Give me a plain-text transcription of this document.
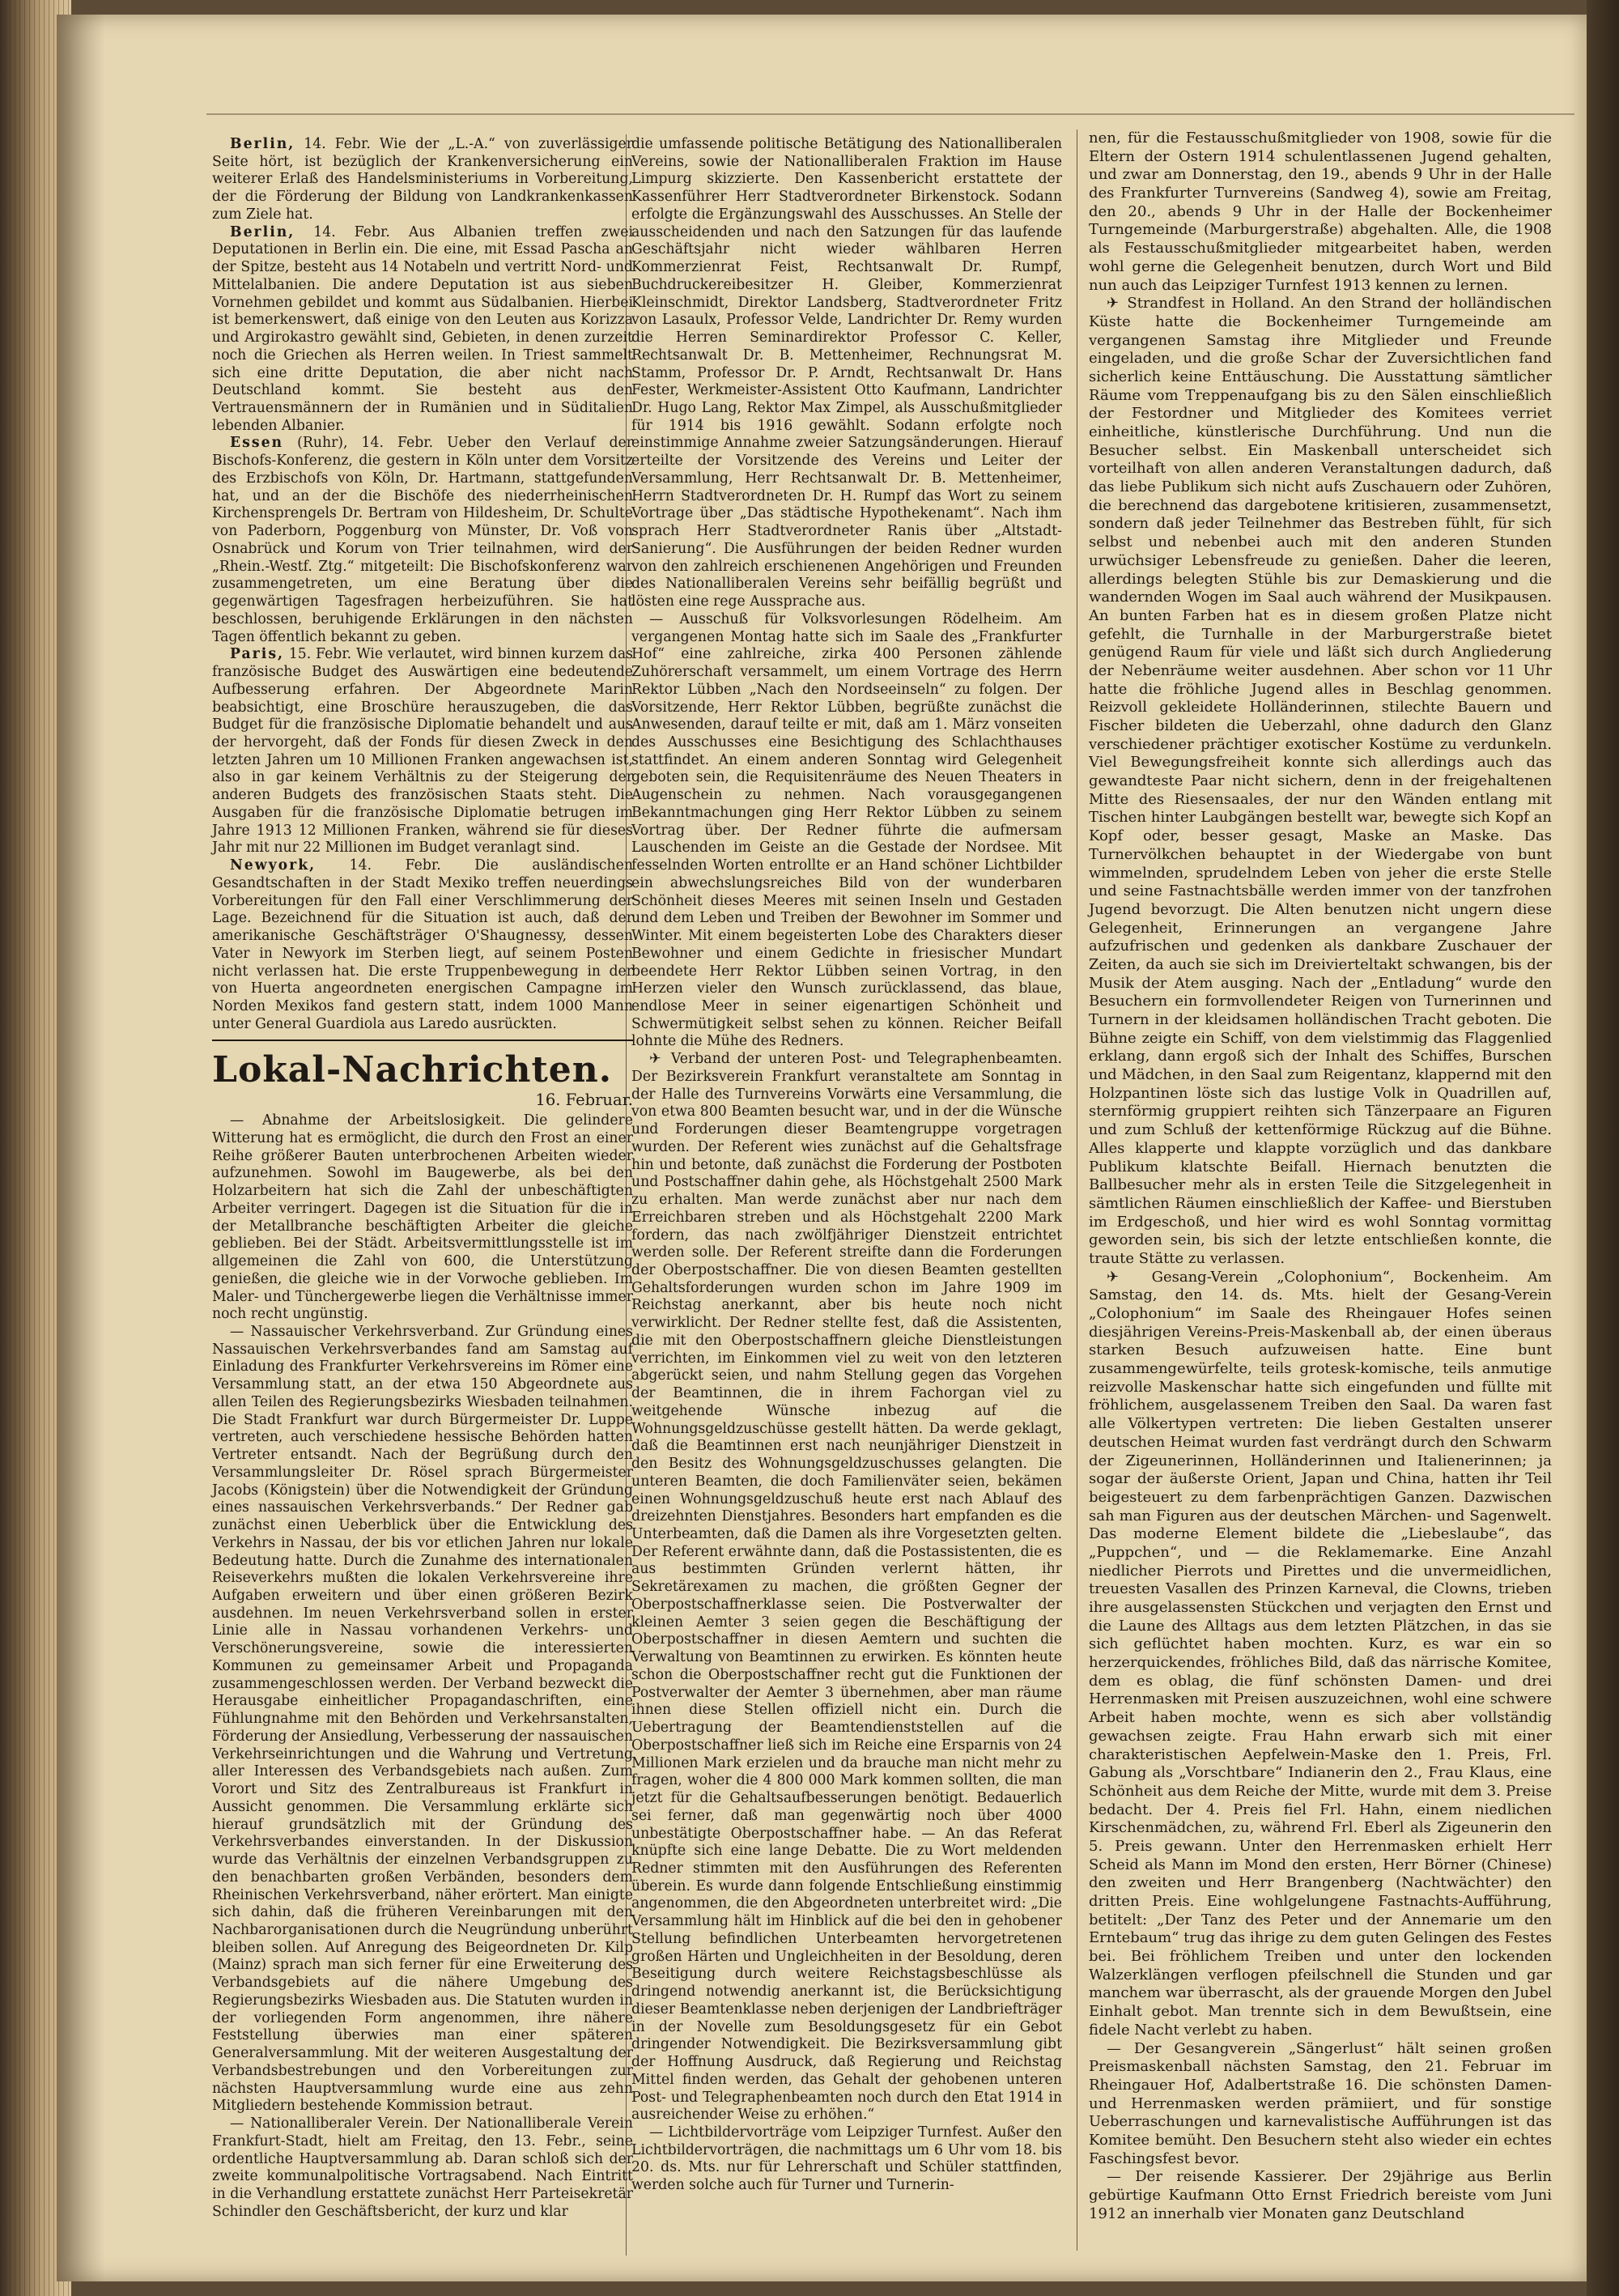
Berlin, 14. Febr. Wie der „L.-A.“ von zuverlässiger Seite hört, ist bezüglich der Krankenversicherung ein weiterer Erlaß des Handelsministeriums in Vorbereitung, der die Förderung der Bildung von Landkrankenkassen zum Ziele hat.

Berlin, 14. Febr. Aus Albanien treffen zwei Deputationen in Berlin ein. Die eine, mit Essad Pascha an der Spitze, besteht aus 14 Notabeln und vertritt Nord- und Mittelalbanien. Die andere Deputation ist aus sieben Vornehmen gebildet und kommt aus Südalbanien. Hierbei ist bemerkenswert, daß einige von den Leuten aus Korizza und Argirokastro gewählt sind, Gebieten, in denen zurzeit noch die Griechen als Herren weilen. In Triest sammelt sich eine dritte Deputation, die aber nicht nach Deutschland kommt. Sie besteht aus den Vertrauensmännern der in Rumänien und in Süditalien lebenden Albanier.

Essen (Ruhr), 14. Febr. Ueber den Verlauf der Bischofs-Konferenz, die gestern in Köln unter dem Vorsitz des Erzbischofs von Köln, Dr. Hartmann, stattgefunden hat, und an der die Bischöfe des niederrheinischen Kirchensprengels Dr. Bertram von Hildesheim, Dr. Schulte von Paderborn, Poggenburg von Münster, Dr. Voß von Osnabrück und Korum von Trier teilnahmen, wird der „Rhein.-Westf. Ztg.“ mitgeteilt: Die Bischofskonferenz war zusammengetreten, um eine Beratung über die gegenwärtigen Tagesfragen herbeizuführen. Sie hat beschlossen, beruhigende Erklärungen in den nächsten Tagen öffentlich bekannt zu geben.

Paris, 15. Febr. Wie verlautet, wird binnen kurzem das französische Budget des Auswärtigen eine bedeutende Aufbesserung erfahren. Der Abgeordnete Marin beabsichtigt, eine Broschüre herauszugeben, die das Budget für die französische Diplomatie behandelt und aus der hervorgeht, daß der Fonds für diesen Zweck in den letzten Jahren um 10 Millionen Franken angewachsen ist, also in gar keinem Verhältnis zu der Steigerung der anderen Budgets des französischen Staats steht. Die Ausgaben für die französische Diplomatie betrugen im Jahre 1913 12 Millionen Franken, während sie für dieses Jahr mit nur 22 Millionen im Budget veranlagt sind.

Newyork, 14. Febr. Die ausländischen Gesandtschaften in der Stadt Mexiko treffen neuerdings Vorbereitungen für den Fall einer Verschlimmerung der Lage. Bezeichnend für die Situation ist auch, daß der amerikanische Geschäftsträger O'Shaugnessy, dessen Vater in Newyork im Sterben liegt, auf seinem Posten nicht verlassen hat. Die erste Truppenbewegung in der von Huerta angeordneten energischen Campagne im Norden Mexikos fand gestern statt, indem 1000 Mann unter General Guardiola aus Laredo ausrückten.

Lokal-Nachrichten.
16. Februar.

— Abnahme der Arbeitslosigkeit. Die gelindere Witterung hat es ermöglicht, die durch den Frost an einer Reihe größerer Bauten unterbrochenen Arbeiten wieder aufzunehmen. Sowohl im Baugewerbe, als bei den Holzarbeitern hat sich die Zahl der unbeschäftigten Arbeiter verringert. Dagegen ist die Situation für die in der Metallbranche beschäftigten Arbeiter die gleiche geblieben. Bei der Städt. Arbeitsvermittlungsstelle ist im allgemeinen die Zahl von 600, die Unterstützung genießen, die gleiche wie in der Vorwoche geblieben. Im Maler- und Tünchergewerbe liegen die Verhältnisse immer noch recht ungünstig.

— Nassauischer Verkehrsverband. Zur Gründung eines Nassauischen Verkehrsverbandes fand am Samstag auf Einladung des Frankfurter Verkehrsvereins im Römer eine Versammlung statt, an der etwa 150 Abgeordnete aus allen Teilen des Regierungsbezirks Wiesbaden teilnahmen. Die Stadt Frankfurt war durch Bürgermeister Dr. Luppe vertreten, auch verschiedene hessische Behörden hatten Vertreter entsandt. Nach der Begrüßung durch den Versammlungsleiter Dr. Rösel sprach Bürgermeister Jacobs (Königstein) über die Notwendigkeit der Gründung eines nassauischen Verkehrsverbands.“ Der Redner gab zunächst einen Ueberblick über die Entwicklung des Verkehrs in Nassau, der bis vor etlichen Jahren nur lokale Bedeutung hatte. Durch die Zunahme des internationalen Reiseverkehrs mußten die lokalen Verkehrsvereine ihre Aufgaben erweitern und über einen größeren Bezirk ausdehnen. Im neuen Verkehrsverband sollen in erster Linie alle in Nassau vorhandenen Verkehrs- und Verschönerungsvereine, sowie die interessierten Kommunen zu gemeinsamer Arbeit und Propaganda zusammengeschlossen werden. Der Verband bezweckt die Herausgabe einheitlicher Propagandaschriften, eine Fühlungnahme mit den Behörden und Verkehrsanstalten, Förderung der Ansiedlung, Verbesserung der nassauischen Verkehrseinrichtungen und die Wahrung und Vertretung aller Interessen des Verbandsgebiets nach außen. Zum Vorort und Sitz des Zentralbureaus ist Frankfurt in Aussicht genommen. Die Versammlung erklärte sich hierauf grundsätzlich mit der Gründung des Verkehrsverbandes einverstanden. In der Diskussion wurde das Verhältnis der einzelnen Verbandsgruppen zu den benachbarten großen Verbänden, besonders dem Rheinischen Verkehrsverband, näher erörtert. Man einigte sich dahin, daß die früheren Vereinbarungen mit den Nachbarorganisationen durch die Neugründung unberührt bleiben sollen. Auf Anregung des Beigeordneten Dr. Kilp (Mainz) sprach man sich ferner für eine Erweiterung des Verbandsgebiets auf die nähere Umgebung des Regierungsbezirks Wiesbaden aus. Die Statuten wurden in der vorliegenden Form angenommen, ihre nähere Feststellung überwies man einer späteren Generalversammlung. Mit der weiteren Ausgestaltung der Verbandsbestrebungen und den Vorbereitungen zur nächsten Hauptversammlung wurde eine aus zehn Mitgliedern bestehende Kommission betraut.

— Nationalliberaler Verein. Der Nationalliberale Verein Frankfurt-Stadt, hielt am Freitag, den 13. Febr., seine ordentliche Hauptversammlung ab. Daran schloß sich der zweite kommunalpolitische Vortragsabend. Nach Eintritt in die Verhandlung erstattete zunächst Herr Parteisekretär Schindler den Geschäftsbericht, der kurz und klar

die umfassende politische Betätigung des Nationalliberalen Vereins, sowie der Nationalliberalen Fraktion im Hause Limpurg skizzierte. Den Kassenbericht erstattete der Kassenführer Herr Stadtverordneter Birkenstock. Sodann erfolgte die Ergänzungswahl des Ausschusses. An Stelle der ausscheidenden und nach den Satzungen für das laufende Geschäftsjahr nicht wieder wählbaren Herren Kommerzienrat Feist, Rechtsanwalt Dr. Rumpf, Buchdruckereibesitzer H. Gleiber, Kommerzienrat Kleinschmidt, Direktor Landsberg, Stadtverordneter Fritz von Lasaulx, Professor Velde, Landrichter Dr. Remy wurden die Herren Seminardirektor Professor C. Keller, Rechtsanwalt Dr. B. Mettenheimer, Rechnungsrat M. Stamm, Professor Dr. P. Arndt, Rechtsanwalt Dr. Hans Fester, Werkmeister-Assistent Otto Kaufmann, Landrichter Dr. Hugo Lang, Rektor Max Zimpel, als Ausschußmitglieder für 1914 bis 1916 gewählt. Sodann erfolgte noch einstimmige Annahme zweier Satzungsänderungen. Hierauf erteilte der Vorsitzende des Vereins und Leiter der Versammlung, Herr Rechtsanwalt Dr. B. Mettenheimer, Herrn Stadtverordneten Dr. H. Rumpf das Wort zu seinem Vortrage über „Das städtische Hypothekenamt“. Nach ihm sprach Herr Stadtverordneter Ranis über „Altstadt-Sanierung“. Die Ausführungen der beiden Redner wurden von den zahlreich erschienenen Angehörigen und Freunden des Nationalliberalen Vereins sehr beifällig begrüßt und lösten eine rege Aussprache aus.

— Ausschuß für Volksvorlesungen Rödelheim. Am vergangenen Montag hatte sich im Saale des „Frankfurter Hof“ eine zahlreiche, zirka 400 Personen zählende Zuhörerschaft versammelt, um einem Vortrage des Herrn Rektor Lübben „Nach den Nordseeinseln“ zu folgen. Der Vorsitzende, Herr Rektor Lübben, begrüßte zunächst die Anwesenden, darauf teilte er mit, daß am 1. März vonseiten des Ausschusses eine Besichtigung des Schlachthauses stattfindet. An einem anderen Sonntag wird Gelegenheit geboten sein, die Requisitenräume des Neuen Theaters in Augenschein zu nehmen. Nach vorausgegangenen Bekanntmachungen ging Herr Rektor Lübben zu seinem Vortrag über. Der Redner führte die aufmersam Lauschenden im Geiste an die Gestade der Nordsee. Mit fesselnden Worten entrollte er an Hand schöner Lichtbilder ein abwechslungsreiches Bild von der wunderbaren Schönheit dieses Meeres mit seinen Inseln und Gestaden und dem Leben und Treiben der Bewohner im Sommer und Winter. Mit einem begeisterten Lobe des Charakters dieser Bewohner und einem Gedichte in friesischer Mundart beendete Herr Rektor Lübben seinen Vortrag, in den Herzen vieler den Wunsch zurücklassend, das blaue, endlose Meer in seiner eigenartigen Schönheit und Schwermütigkeit selbst sehen zu können. Reicher Beifall lohnte die Mühe des Redners.

✈ Verband der unteren Post- und Telegraphenbeamten. Der Bezirksverein Frankfurt veranstaltete am Sonntag in der Halle des Turnvereins Vorwärts eine Versammlung, die von etwa 800 Beamten besucht war, und in der die Wünsche und Forderungen dieser Beamtengruppe vorgetragen wurden. Der Referent wies zunächst auf die Gehaltsfrage hin und betonte, daß zunächst die Forderung der Postboten und Postschaffner dahin gehe, als Höchstgehalt 2500 Mark zu erhalten. Man werde zunächst aber nur nach dem Erreichbaren streben und als Höchstgehalt 2200 Mark fordern, das nach zwölfjähriger Dienstzeit entrichtet werden solle. Der Referent streifte dann die Forderungen der Oberpostschaffner. Die von diesen Beamten gestellten Gehaltsforderungen wurden schon im Jahre 1909 im Reichstag anerkannt, aber bis heute noch nicht verwirklicht. Der Redner stellte fest, daß die Assistenten, die mit den Oberpostschaffnern gleiche Dienstleistungen verrichten, im Einkommen viel zu weit von den letzteren abgerückt seien, und nahm Stellung gegen das Vorgehen der Beamtinnen, die in ihrem Fachorgan viel zu weitgehende Wünsche inbezug auf die Wohnungsgeldzuschüsse gestellt hätten. Da werde geklagt, daß die Beamtinnen erst nach neunjähriger Dienstzeit in den Besitz des Wohnungsgeldzuschusses gelangten. Die unteren Beamten, die doch Familienväter seien, bekämen einen Wohnungsgeldzuschuß heute erst nach Ablauf des dreizehnten Dienstjahres. Besonders hart empfanden es die Unterbeamten, daß die Damen als ihre Vorgesetzten gelten. Der Referent erwähnte dann, daß die Postassistenten, die es aus bestimmten Gründen verlernt hätten, ihr Sekretärexamen zu machen, die größten Gegner der Oberpostschaffnerklasse seien. Die Postverwalter der kleinen Aemter 3 seien gegen die Beschäftigung der Oberpostschaffner in diesen Aemtern und suchten die Verwaltung von Beamtinnen zu erwirken. Es könnten heute schon die Oberpostschaffner recht gut die Funktionen der Postverwalter der Aemter 3 übernehmen, aber man räume ihnen diese Stellen offiziell nicht ein. Durch die Uebertragung der Beamtendienststellen auf die Oberpostschaffner ließ sich im Reiche eine Ersparnis von 24 Millionen Mark erzielen und da brauche man nicht mehr zu fragen, woher die 4 800 000 Mark kommen sollten, die man jetzt für die Gehaltsaufbesserungen benötigt. Bedauerlich sei ferner, daß man gegenwärtig noch über 4000 unbestätigte Oberpostschaffner habe. — An das Referat knüpfte sich eine lange Debatte. Die zu Wort meldenden Redner stimmten mit den Ausführungen des Referenten überein. Es wurde dann folgende Entschließung einstimmig angenommen, die den Abgeordneten unterbreitet wird: „Die Versammlung hält im Hinblick auf die bei den in gehobener Stellung befindlichen Unterbeamten hervorgetretenen großen Härten und Ungleichheiten in der Besoldung, deren Beseitigung durch weitere Reichstagsbeschlüsse als dringend notwendig anerkannt ist, die Berücksichtigung dieser Beamtenklasse neben derjenigen der Landbriefträger in der Novelle zum Besoldungsgesetz für ein Gebot dringender Notwendigkeit. Die Bezirksversammlung gibt der Hoffnung Ausdruck, daß Regierung und Reichstag Mittel finden werden, das Gehalt der gehobenen unteren Post- und Telegraphenbeamten noch durch den Etat 1914 in ausreichender Weise zu erhöhen.“

— Lichtbildervorträge vom Leipziger Turnfest. Außer den Lichtbildervorträgen, die nachmittags um 6 Uhr vom 18. bis 20. ds. Mts. nur für Lehrerschaft und Schüler stattfinden, werden solche auch für Turner und Turnerin-

nen, für die Festausschußmitglieder von 1908, sowie für die Eltern der Ostern 1914 schulentlassenen Jugend gehalten, und zwar am Donnerstag, den 19., abends 9 Uhr in der Halle des Frankfurter Turnvereins (Sandweg 4), sowie am Freitag, den 20., abends 9 Uhr in der Halle der Bockenheimer Turngemeinde (Marburgerstraße) abgehalten. Alle, die 1908 als Festausschußmitglieder mitgearbeitet haben, werden wohl gerne die Gelegenheit benutzen, durch Wort und Bild nun auch das Leipziger Turnfest 1913 kennen zu lernen.

✈ Strandfest in Holland. An den Strand der holländischen Küste hatte die Bockenheimer Turngemeinde am vergangenen Samstag ihre Mitglieder und Freunde eingeladen, und die große Schar der Zuversichtlichen fand sicherlich keine Enttäuschung. Die Ausstattung sämtlicher Räume vom Treppenaufgang bis zu den Sälen einschließlich der Festordner und Mitglieder des Komitees verriet einheitliche, künstlerische Durchführung. Und nun die Besucher selbst. Ein Maskenball unterscheidet sich vorteilhaft von allen anderen Veranstaltungen dadurch, daß das liebe Publikum sich nicht aufs Zuschauern oder Zuhören, die berechnend das dargebotene kritisieren, zusammensetzt, sondern daß jeder Teilnehmer das Bestreben fühlt, für sich selbst und nebenbei auch mit den anderen Stunden urwüchsiger Lebensfreude zu genießen. Daher die leeren, allerdings belegten Stühle bis zur Demaskierung und die wandernden Wogen im Saal auch während der Musikpausen. An bunten Farben hat es in diesem großen Platze nicht gefehlt, die Turnhalle in der Marburgerstraße bietet genügend Raum für viele und läßt sich durch Angliederung der Nebenräume weiter ausdehnen. Aber schon vor 11 Uhr hatte die fröhliche Jugend alles in Beschlag genommen. Reizvoll gekleidete Holländerinnen, stilechte Bauern und Fischer bildeten die Ueberzahl, ohne dadurch den Glanz verschiedener prächtiger exotischer Kostüme zu verdunkeln. Viel Bewegungsfreiheit konnte sich allerdings auch das gewandteste Paar nicht sichern, denn in der freigehaltenen Mitte des Riesensaales, der nur den Wänden entlang mit Tischen hinter Laubgängen bestellt war, bewegte sich Kopf an Kopf oder, besser gesagt, Maske an Maske. Das Turnervölkchen behauptet in der Wiedergabe von bunt wimmelnden, sprudelndem Leben von jeher die erste Stelle und seine Fastnachtsbälle werden immer von der tanzfrohen Jugend bevorzugt. Die Alten benutzen nicht ungern diese Gelegenheit, Erinnerungen an vergangene Jahre aufzufrischen und gedenken als dankbare Zuschauer der Zeiten, da auch sie sich im Dreivierteltakt schwangen, bis der Musik der Atem ausging. Nach der „Entladung“ wurde den Besuchern ein formvollendeter Reigen von Turnerinnen und Turnern in der kleidsamen holländischen Tracht geboten. Die Bühne zeigte ein Schiff, von dem vielstimmig das Flaggenlied erklang, dann ergoß sich der Inhalt des Schiffes, Burschen und Mädchen, in den Saal zum Reigentanz, klappernd mit den Holzpantinen löste sich das lustige Volk in Quadrillen auf, sternförmig gruppiert reihten sich Tänzerpaare an Figuren und zum Schluß der kettenförmige Rückzug auf die Bühne. Alles klapperte und klappte vorzüglich und das dankbare Publikum klatschte Beifall. Hiernach benutzten die Ballbesucher mehr als in ersten Teile die Sitzgelegenheit in sämtlichen Räumen einschließlich der Kaffee- und Bierstuben im Erdgeschoß, und hier wird es wohl Sonntag vormittag geworden sein, bis sich der letzte entschließen konnte, die traute Stätte zu verlassen.

✈ Gesang-Verein „Colophonium“, Bockenheim. Am Samstag, den 14. ds. Mts. hielt der Gesang-Verein „Colophonium“ im Saale des Rheingauer Hofes seinen diesjährigen Vereins-Preis-Maskenball ab, der einen überaus starken Besuch aufzuweisen hatte. Eine bunt zusammengewürfelte, teils grotesk-komische, teils anmutige reizvolle Maskenschar hatte sich eingefunden und füllte mit fröhlichem, ausgelassenem Treiben den Saal. Da waren fast alle Völkertypen vertreten: Die lieben Gestalten unserer deutschen Heimat wurden fast verdrängt durch den Schwarm der Zigeunerinnen, Holländerinnen und Italienerinnen; ja sogar der äußerste Orient, Japan und China, hatten ihr Teil beigesteuert zu dem farbenprächtigen Ganzen. Dazwischen sah man Figuren aus der deutschen Märchen- und Sagenwelt. Das moderne Element bildete die „Liebeslaube“, das „Puppchen“, und — die Reklamemarke. Eine Anzahl niedlicher Pierrots und Pirettes und die unvermeidlichen, treuesten Vasallen des Prinzen Karneval, die Clowns, trieben ihre ausgelassensten Stückchen und verjagten den Ernst und die Laune des Alltags aus dem letzten Plätzchen, in das sie sich geflüchtet haben mochten. Kurz, es war ein so herzerquickendes, fröhliches Bild, daß das närrische Komitee, dem es oblag, die fünf schönsten Damen- und drei Herrenmasken mit Preisen auszuzeichnen, wohl eine schwere Arbeit haben mochte, wenn es sich aber vollständig gewachsen zeigte. Frau Hahn erwarb sich mit einer charakteristischen Aepfelwein-Maske den 1. Preis, Frl. Gabung als „Vorschtbare“ Indianerin den 2., Frau Klaus, eine Schönheit aus dem Reiche der Mitte, wurde mit dem 3. Preise bedacht. Der 4. Preis fiel Frl. Hahn, einem niedlichen Kirschenmädchen, zu, während Frl. Eberl als Zigeunerin den 5. Preis gewann. Unter den Herrenmasken erhielt Herr Scheid als Mann im Mond den ersten, Herr Börner (Chinese) den zweiten und Herr Brangenberg (Nachtwächter) den dritten Preis. Eine wohlgelungene Fastnachts-Aufführung, betitelt: „Der Tanz des Peter und der Annemarie um den Erntebaum“ trug das ihrige zu dem guten Gelingen des Festes bei. Bei fröhlichem Treiben und unter den lockenden Walzerklängen verflogen pfeilschnell die Stunden und gar manchem war überrascht, als der grauende Morgen den Jubel Einhalt gebot. Man trennte sich in dem Bewußtsein, eine fidele Nacht verlebt zu haben.

— Der Gesangverein „Sängerlust“ hält seinen großen Preismaskenball nächsten Samstag, den 21. Februar im Rheingauer Hof, Adalbertstraße 16. Die schönsten Damen- und Herrenmasken werden prämiiert, und für sonstige Ueberraschungen und karnevalistische Aufführungen ist das Komitee bemüht. Den Besuchern steht also wieder ein echtes Faschingsfest bevor.

— Der reisende Kassierer. Der 29jährige aus Berlin gebürtige Kaufmann Otto Ernst Friedrich bereiste vom Juni 1912 an innerhalb vier Monaten ganz Deutschland
